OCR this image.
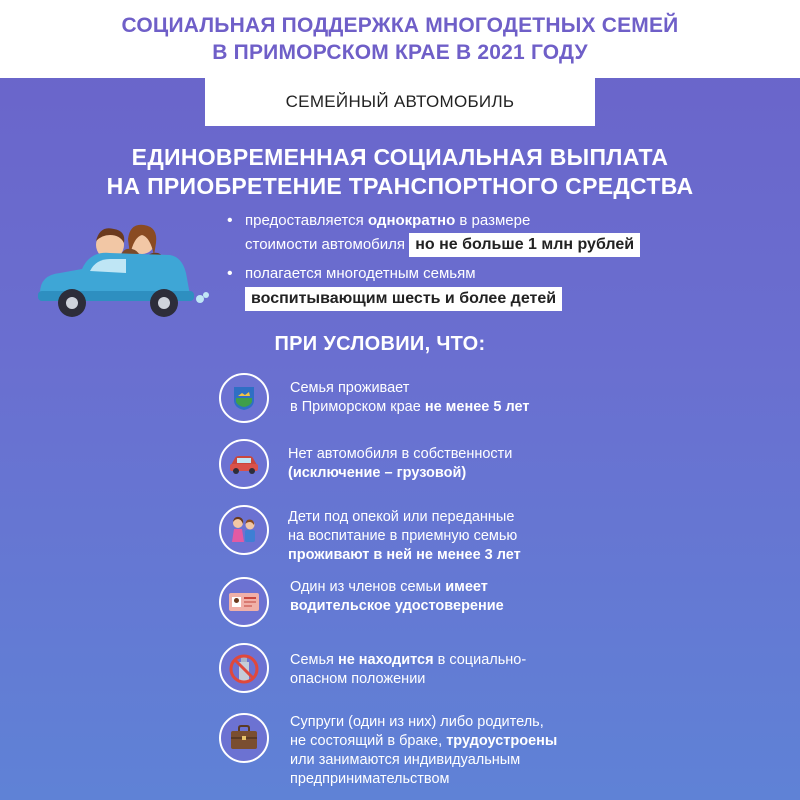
СОЦИАЛЬНАЯ ПОДДЕРЖКА МНОГОДЕТНЫХ СЕМЕЙ
В ПРИМОРСКОМ КРАЕ В 2021 ГОДУ
СЕМЕЙНЫЙ АВТОМОБИЛЬ
ЕДИНОВРЕМЕННАЯ СОЦИАЛЬНАЯ ВЫПЛАТА
НА ПРИОБРЕТЕНИЕ ТРАНСПОРТНОГО СРЕДСТВА
• предоставляется однократно в размере
стоимости автомобиля но не больше 1 млн рублей
• полагается многодетным семьям
воспитывающим шесть и более детей
ПРИ УСЛОВИИ, ЧТО:
Семья проживает
в Приморском крае не менее 5 лет
Нет автомобиля в собственности
(исключение – грузовой)
Дети под опекой или переданные
на воспитание в приемную семью
проживают в ней не менее 3 лет
Один из членов семьи имеет
водительское удостоверение
Семья не находится в социально-
опасном положении
Супруги (один из них) либо родитель,
не состоящий в браке, трудоустроены
или занимаются индивидуальным
предпринимательством
